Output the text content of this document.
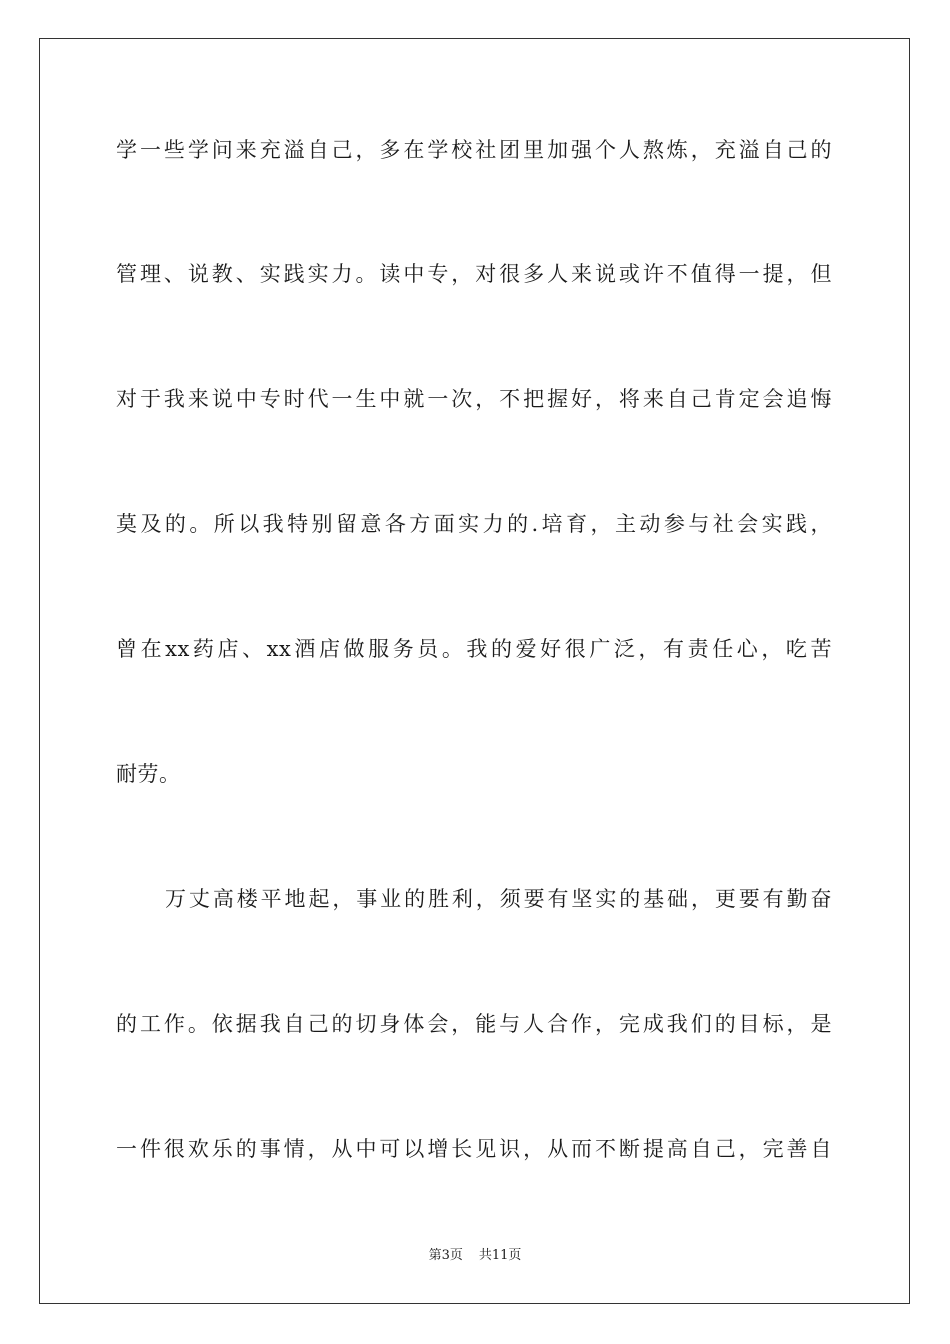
学一些学问来充溢自己，多在学校社团里加强个人熬炼，充溢自己的
管理、说教、实践实力。读中专，对很多人来说或许不值得一提，但
对于我来说中专时代一生中就一次，不把握好，将来自己肯定会追悔
莫及的。所以我特别留意各方面实力的.培育，主动参与社会实践，
曾在xx药店、xx酒店做服务员。我的爱好很广泛，有责任心，吃苦
耐劳。
万丈高楼平地起，事业的胜利，须要有坚实的基础，更要有勤奋
的工作。依据我自己的切身体会，能与人合作，完成我们的目标，是
一件很欢乐的事情，从中可以增长见识，从而不断提高自己，完善自
第3页 共11页
